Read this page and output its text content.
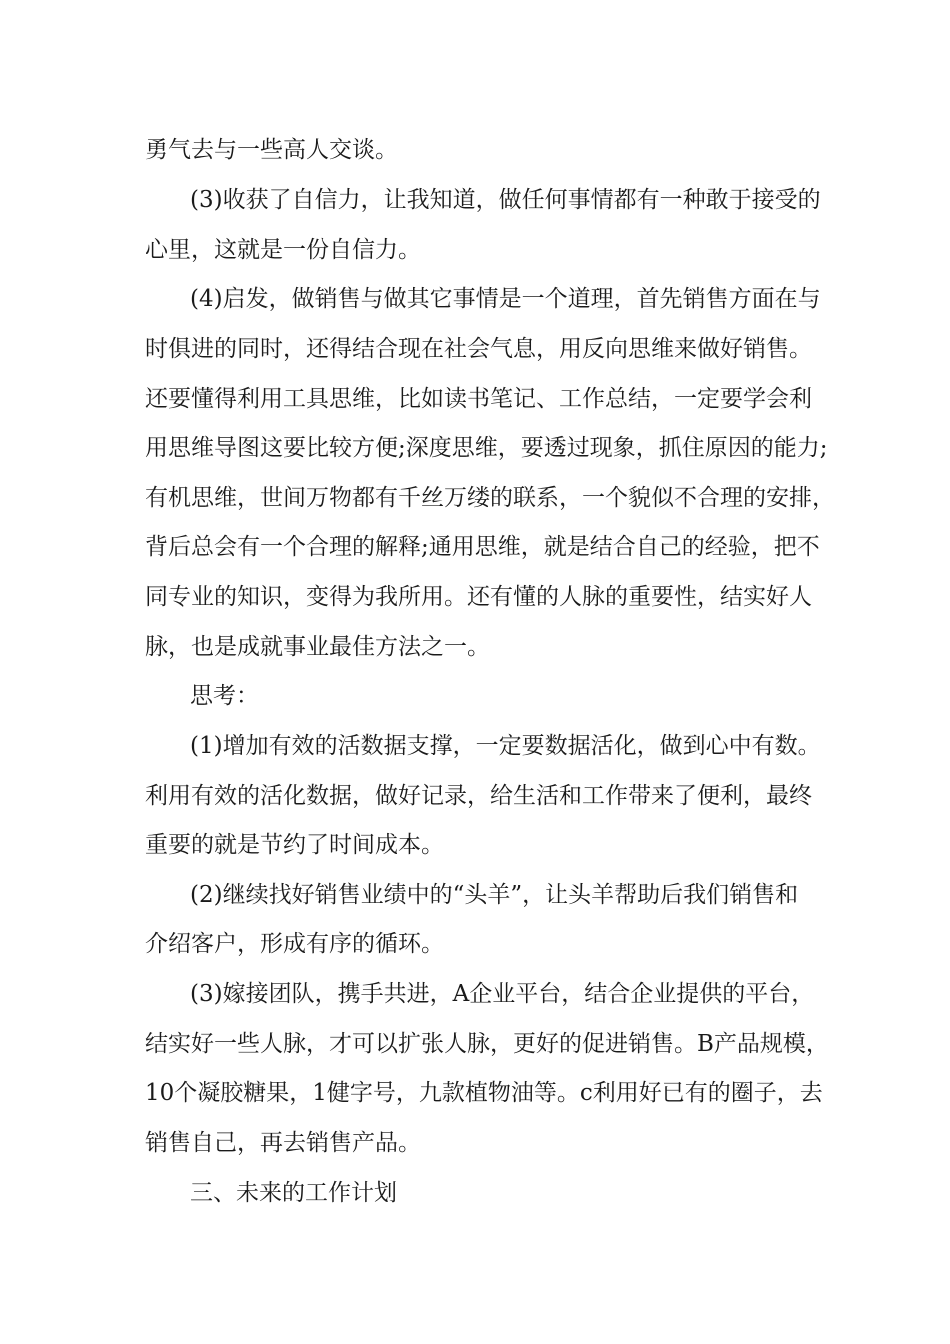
勇气去与一些高人交谈。

(3)收获了自信力，让我知道，做任何事情都有一种敢于接受的

心里，这就是一份自信力。

(4)启发，做销售与做其它事情是一个道理，首先销售方面在与

时俱进的同时，还得结合现在社会气息，用反向思维来做好销售。

还要懂得利用工具思维，比如读书笔记、工作总结，一定要学会利

用思维导图这要比较方便;深度思维，要透过现象，抓住原因的能力;

有机思维，世间万物都有千丝万缕的联系，一个貌似不合理的安排，

背后总会有一个合理的解释;通用思维，就是结合自己的经验，把不

同专业的知识，变得为我所用。还有懂的人脉的重要性，结实好人

脉，也是成就事业最佳方法之一。

思考：

(1)增加有效的活数据支撑，一定要数据活化，做到心中有数。

利用有效的活化数据，做好记录，给生活和工作带来了便利，最终

重要的就是节约了时间成本。

(2)继续找好销售业绩中的“头羊”，让头羊帮助后我们销售和

介绍客户，形成有序的循环。

(3)嫁接团队，携手共进，A企业平台，结合企业提供的平台，

结实好一些人脉，才可以扩张人脉，更好的促进销售。B产品规模，

10个凝胶糖果，1健字号，九款植物油等。c利用好已有的圈子，去

销售自己，再去销售产品。

三、未来的工作计划
